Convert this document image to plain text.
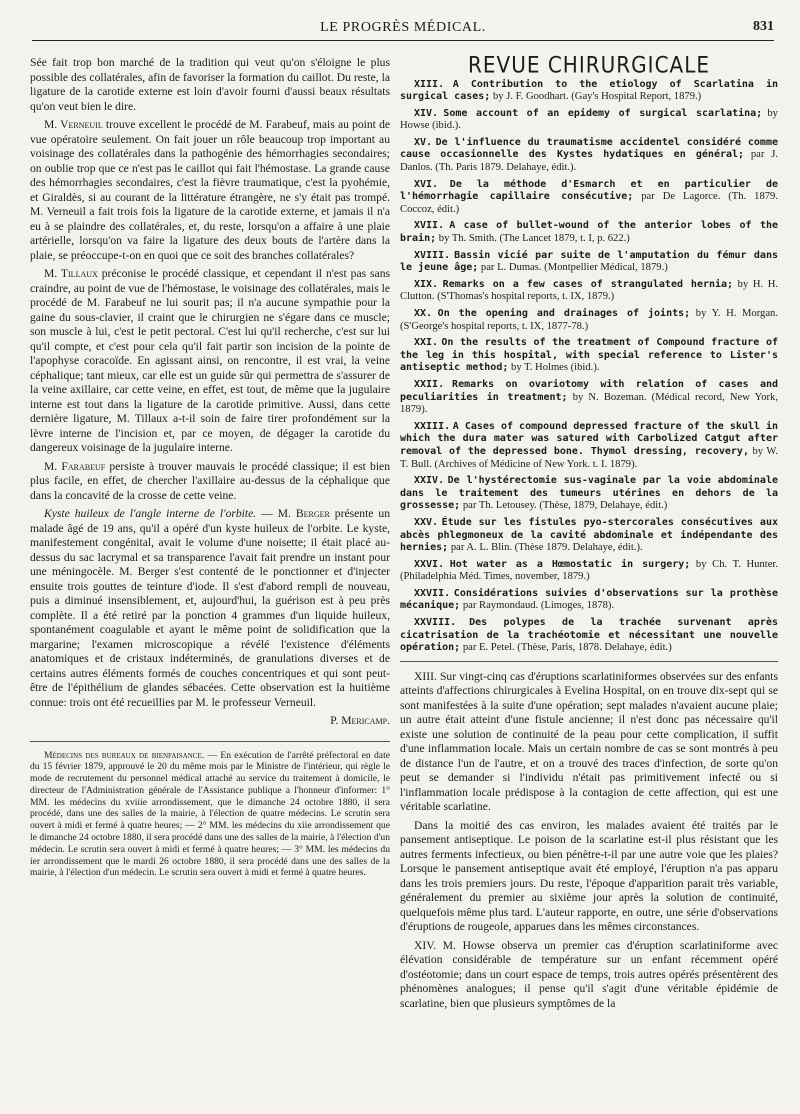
LE PROGRÈS MÉDICAL.	831

Sée fait trop bon marché de la tradition qui veut qu'on s'éloigne le plus possible des collatérales, afin de favoriser la formation du caillot. Du reste, la ligature de la carotide externe est loin d'avoir fourni d'aussi beaux résultats qu'on veut bien le dire.

M. Verneuil trouve excellent le procédé de M. Farabeuf, mais au point de vue opératoire seulement. On fait jouer un rôle beaucoup trop important au voisinage des collatérales dans la pathogénie des hémorrhagies secondaires; on oublie trop que ce n'est pas le caillot qui fait l'hémostase. La grande cause des hémorrhagies secondaires, c'est la fièvre traumatique, c'est la pyohémie, et Giraldès, si au courant de la littérature étrangère, ne s'y était pas trompé. M. Verneuil a fait trois fois la ligature de la carotide externe, et jamais il n'a eu à se plaindre des collatérales, et, du reste, lorsqu'on a affaire à une plaie artérielle, lorsqu'on va faire la ligature des deux bouts de l'artère dans la plaie, se préoccupe-t-on en quoi que ce soit des branches collatérales?

M. Tillaux préconise le procédé classique, et cependant il n'est pas sans craindre, au point de vue de l'hémostase, le voisinage des collatérales, mais le procédé de M. Farabeuf ne lui sourit pas; il n'a aucune sympathie pour la gaine du sous-clavier, il craint que le chirurgien ne s'égare dans ce muscle; son muscle à lui, c'est le petit pectoral. C'est lui qu'il recherche, c'est sur lui qu'il compte, et c'est pour cela qu'il fait partir son incision de la pointe de l'apophyse coracoïde. En agissant ainsi, on rencontre, il est vrai, la veine céphalique; tant mieux, car elle est un guide sûr qui permettra de s'assurer de la veine axillaire, car cette veine, en effet, est tout, de même que la jugulaire interne est tout dans la ligature de la carotide primitive. Aussi, dans cette dernière ligature, M. Tillaux a-t-il soin de faire tirer profondément sur la lèvre interne de l'incision et, par ce moyen, de dégager la carotide du dangereux voisinage de la jugulaire interne.

M. Farabeuf persiste à trouver mauvais le procédé classique; il est bien plus facile, en effet, de chercher l'axillaire au-dessus de la céphalique que dans la concavité de la crosse de cette veine.

Kyste huileux de l'angle interne de l'orbite. — M. Berger présente un malade âgé de 19 ans, qu'il a opéré d'un kyste huileux de l'orbite. Le kyste, manifestement congénital, avait le volume d'une noisette; il était placé au-dessus du sac lacrymal et sa transparence l'avait fait prendre un instant pour une méningocèle. M. Berger s'est contenté de le ponctionner et d'injecter ensuite trois gouttes de teinture d'iode. Il s'est d'abord rempli de nouveau, puis a diminué insensiblement, et, aujourd'hui, la guérison est à peu près complète. Il a été retiré par la ponction 4 grammes d'un liquide huileux, spontanément coagulable et ayant le même point de solidification que la margarine; l'examen microscopique a révélé l'existence d'éléments anatomiques et de cristaux indéterminés, de granulations diverses et de certains autres éléments formés de couches concentriques et qui sont peut-être de l'épithélium de glandes sébacées. Cette observation est la huitième connue: trois ont été recueillies par M. le professeur Verneuil.

P. Mericamp.

Médecins des bureaux de bienfaisance. — En exécution de l'arrêté préfectoral en date du 15 février 1879, approuvé le 20 du même mois par le Ministre de l'intérieur, qui règle le mode de recrutement du personnel médical attaché au service du traitement à domicile, le directeur de l'Administration générale de l'Assistance publique a l'honneur d'informer: 1° MM. les médecins du xviiie arrondissement, que le dimanche 24 octobre 1880, il sera procédé, dans une des salles de la mairie, à l'élection de quatre médecins. Le scrutin sera ouvert à midi et fermé à quatre heures; — 2° MM. les médecins du xiie arrondissement que le dimanche 24 octobre 1880, il sera procédé dans une des salles de la mairie, à l'élection d'un médecin. Le scrutin sera ouvert à midi et fermé à quatre heures; — 3° MM. les médecins du ier arrondissement que le mardi 26 octobre 1880, il sera procédé dans une des salles de la mairie, à l'élection d'un médecin. Le scrutin sera ouvert à midi et fermé à quatre heures.

REVUE CHIRURGICALE

XIII. A Contribution to the etiology of Scarlatina in surgical cases; by J. F. Goodhart. (Gay's Hospital Report, 1879.)

XIV. Some account of an epidemy of surgical scarlatina; by Howse (ibid.).

XV. De l'influence du traumatisme accidentel considéré comme cause occasionnelle des Kystes hydatiques en général; par J. Danlos. (Th. Paris 1879. Delahaye, édit.).

XVI. De la méthode d'Esmarch et en particulier de l'hémorrhagie capillaire consécutive; par De Lagorce. (Th. 1879. Coccoz, édit.)

XVII. A case of bullet-wound of the anterior lobes of the brain; by Th. Smith. (The Lancet 1879, t. I, p. 622.)

XVIII. Bassin vicié par suite de l'amputation du fémur dans le jeune âge; par L. Dumas. (Montpellier Médical, 1879.)

XIX. Remarks on a few cases of strangulated hernia; by H. H. Clutton. (S'Thomas's hospital reports, t. IX, 1879.)

XX. On the opening and drainages of joints; by Y. H. Morgan. (S'George's hospital reports, t. IX, 1877-78.)

XXI. On the results of the treatment of Compound fracture of the leg in this hospital, with special reference to Lister's antiseptic method; by T. Holmes (ibid.).

XXII. Remarks on ovariotomy with relation of cases and peculiarities in treatment; by N. Bozeman. (Médical record, New York, 1879).

XXIII. A Cases of compound depressed fracture of the skull in which the dura mater was satured with Carbolized Catgut after removal of the depressed bone. Thymol dressing, recovery, by W. T. Bull. (Archives of Médicine of New York. t. I. 1879).

XXIV. De l'hystérectomie sus-vaginale par la voie abdominale dans le traitement des tumeurs utérines en dehors de la grossesse; par Th. Letousey. (Thèse, 1879, Delahaye, édit.)

XXV. Étude sur les fistules pyo-stercorales consécutives aux abcès phlegmoneux de la cavité abdominale et indépendante des hernies; par A. L. Blin. (Thèse 1879. Delahaye, édit.).

XXVI. Hot water as a Hœmostatic in surgery; by Ch. T. Hunter. (Philadelphia Méd. Times, november, 1879.)

XXVII. Considérations suivies d'observations sur la prothèse mécanique; par Raymondaud. (Limoges, 1878).

XXVIII. Des polypes de la trachée survenant après cicatrisation de la trachéotomie et nécessitant une nouvelle opération; par E. Petel. (Thèse, Paris, 1878. Delahaye, édit.)

XIII. Sur vingt-cinq cas d'éruptions scarlatiniformes observées sur des enfants atteints d'affections chirurgicales à Evelina Hospital, on en trouve dix-sept qui se sont manifestées à la suite d'une opération; sept malades n'avaient aucune plaie; un autre était atteint d'une fistule ancienne; il n'est donc pas nécessaire qu'il existe une solution de continuité de la peau pour cette complication, il suffit d'une inflammation locale. Mais un certain nombre de cas se sont montrés à peu de distance l'un de l'autre, et on a trouvé des traces d'infection, de sorte qu'on peut se demander si l'individu n'était pas primitivement infecté ou si l'inflammation locale prédispose à la contagion de cette affection, qui est une véritable scarlatine.

Dans la moitié des cas environ, les malades avaient été traités par le pansement antiseptique. Le poison de la scarlatine est-il plus résistant que les autres ferments infectieux, ou bien pénètre-t-il par une autre voie que les plaies? Lorsque le pansement antiseptique avait été employé, l'éruption n'a pas apparu dans les trois premiers jours. Du reste, l'époque d'apparition parait très variable, généralement du premier au sixième jour après la solution de continuité, quelquefois même plus tard. L'auteur rapporte, en outre, une série d'observations d'éruptions de rougeole, apparues dans les mêmes circonstances.

XIV. M. Howse observa un premier cas d'éruption scarlatiniforme avec élévation considérable de température sur un enfant récemment opéré d'ostéotomie; dans un court espace de temps, trois autres opérés présentèrent des phénomènes analogues; il pense qu'il s'agit d'une véritable épidémie de scarlatine, bien que plusieurs symptômes de la
